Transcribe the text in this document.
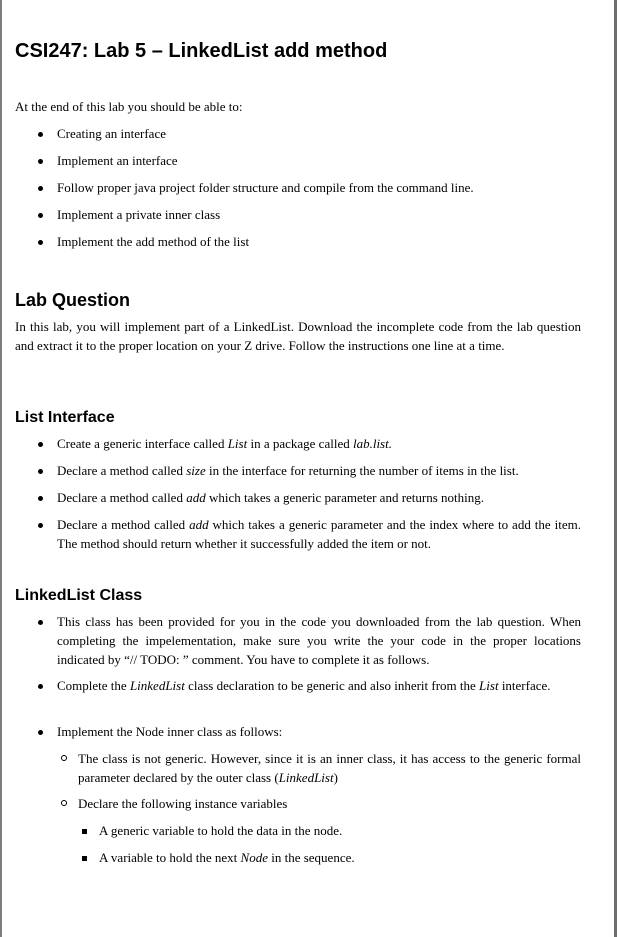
CSI247: Lab 5 – LinkedList add method

At the end of this lab you should be able to:

Creating an interface
Implement an interface
Follow proper java project folder structure and compile from the command line.
Implement a private inner class
Implement the add method of the list
Lab Question

In this lab, you will implement part of a LinkedList. Download the incomplete code from the lab question and extract it to the proper location on your Z drive. Follow the instructions one line at a time.

List Interface
Create a generic interface called List in a package called lab.list.
Declare a method called size in the interface for returning the number of items in the list.
Declare a method called add which takes a generic parameter and returns nothing.
Declare a method called add which takes a generic parameter and the index where to add the item. The method should return whether it successfully added the item or not.
LinkedList Class
This class has been provided for you in the code you downloaded from the lab question. When completing the impelementation, make sure you write the your code in the proper locations indicated by “// TODO: ” comment. You have to complete it as follows.
Complete the LinkedList class declaration to be generic and also inherit from the List interface.
Implement the Node inner class as follows:
The class is not generic. However, since it is an inner class, it has access to the generic formal parameter declared by the outer class (LinkedList)
Declare the following instance variables
A generic variable to hold the data in the node.
A variable to hold the next Node in the sequence.
